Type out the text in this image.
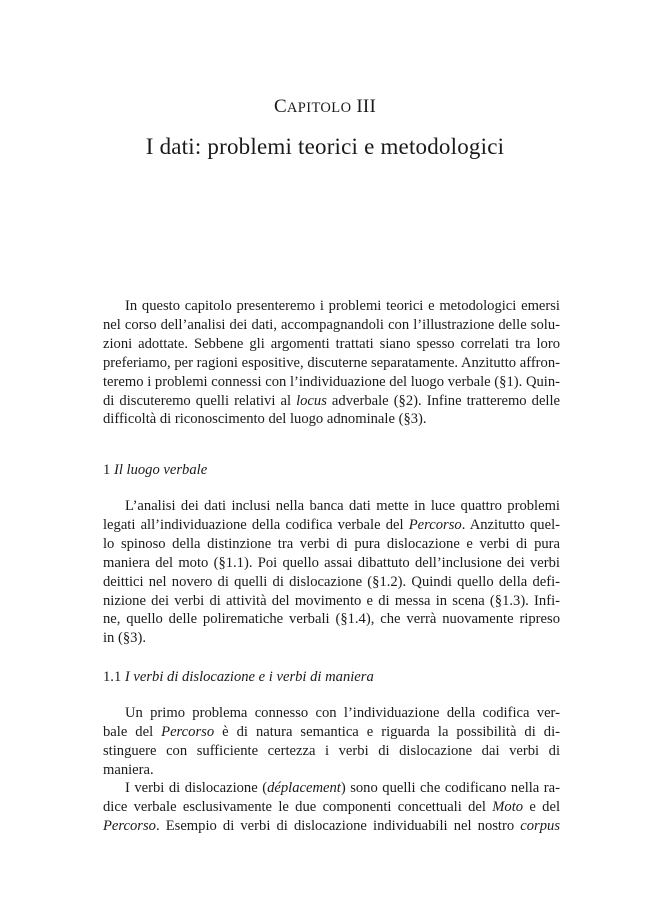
CAPITOLO III
I dati: problemi teorici e metodologici
In questo capitolo presenteremo i problemi teorici e metodologici emersi
nel corso dell’analisi dei dati, accompagnandoli con l’illustrazione delle solu-
zioni adottate. Sebbene gli argomenti trattati siano spesso correlati tra loro
preferiamo, per ragioni espositive, discuterne separatamente. Anzitutto affron-
teremo i problemi connessi con l’individuazione del luogo verbale (§1). Quin-
di discuteremo quelli relativi al locus adverbale (§2). Infine tratteremo delle
difficoltà di riconoscimento del luogo adnominale (§3).
1 Il luogo verbale
L’analisi dei dati inclusi nella banca dati mette in luce quattro problemi
legati all’individuazione della codifica verbale del Percorso. Anzitutto quel-
lo spinoso della distinzione tra verbi di pura dislocazione e verbi di pura
maniera del moto (§1.1). Poi quello assai dibattuto dell’inclusione dei verbi
deittici nel novero di quelli di dislocazione (§1.2). Quindi quello della defi-
nizione dei verbi di attività del movimento e di messa in scena (§1.3). Infi-
ne, quello delle polirematiche verbali (§1.4), che verrà nuovamente ripreso
in (§3).
1.1 I verbi di dislocazione e i verbi di maniera
Un primo problema connesso con l’individuazione della codifica ver-
bale del Percorso è di natura semantica e riguarda la possibilità di di-
stinguere con sufficiente certezza i verbi di dislocazione dai verbi di
maniera.
I verbi di dislocazione (déplacement) sono quelli che codificano nella ra-
dice verbale esclusivamente le due componenti concettuali del Moto e del
Percorso. Esempio di verbi di dislocazione individuabili nel nostro corpus
